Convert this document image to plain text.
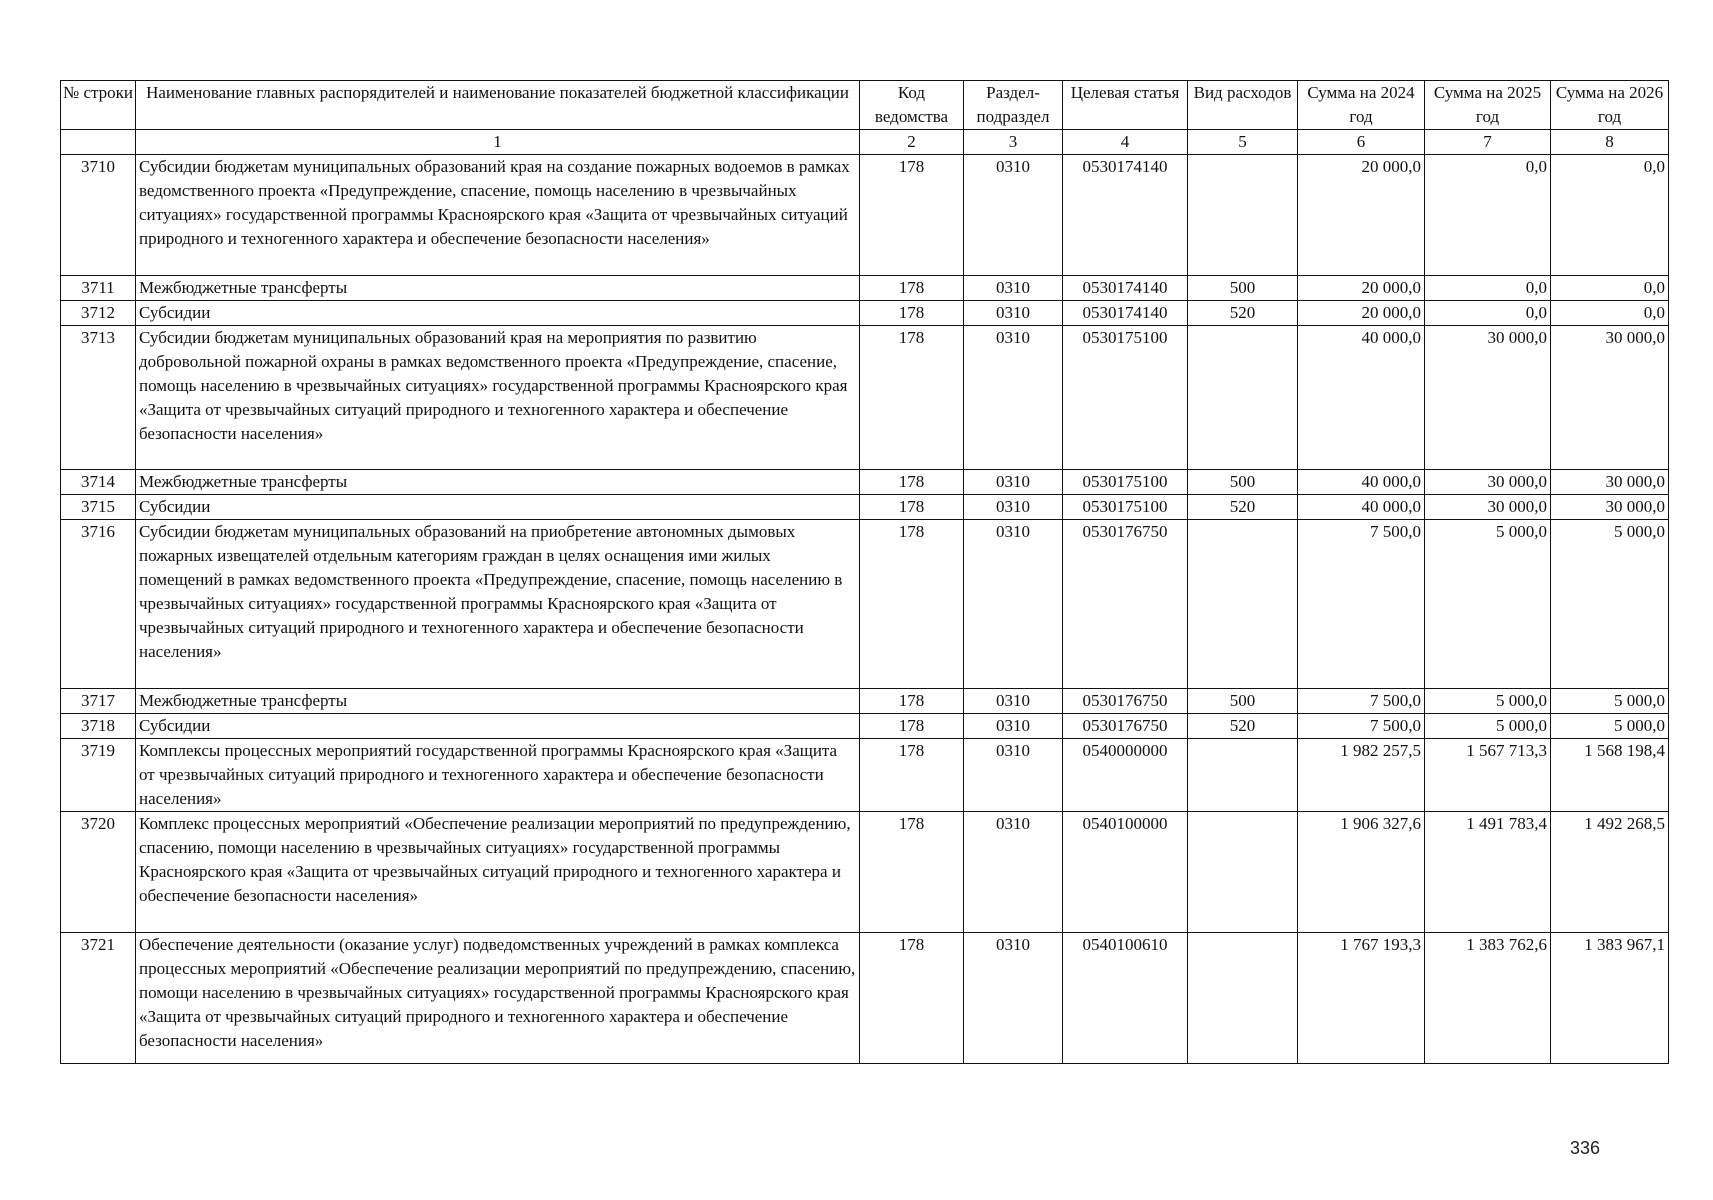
№ строки	Наименование главных распорядителей и наименование показателей бюджетной классификации	Код ведомства	Раздел-подраздел	Целевая статья	Вид расходов	Сумма на 2024 год	Сумма на 2025 год	Сумма на 2026 год
	1	2	3	4	5	6	7	8
3710	Субсидии бюджетам муниципальных образований края на создание пожарных водоемов в рамках ведомственного проекта «Предупреждение, спасение, помощь населению в чрезвычайных ситуациях» государственной программы Красноярского края «Защита от чрезвычайных ситуаций природного и техногенного характера и обеспечение безопасности населения»	178	0310	0530174140		20 000,0	0,0	0,0
3711	Межбюджетные трансферты	178	0310	0530174140	500	20 000,0	0,0	0,0
3712	Субсидии	178	0310	0530174140	520	20 000,0	0,0	0,0
3713	Субсидии бюджетам муниципальных образований края на мероприятия по развитию добровольной пожарной охраны в рамках ведомственного проекта «Предупреждение, спасение, помощь населению в чрезвычайных ситуациях» государственной программы Красноярского края «Защита от чрезвычайных ситуаций природного и техногенного характера и обеспечение безопасности населения»	178	0310	0530175100		40 000,0	30 000,0	30 000,0
3714	Межбюджетные трансферты	178	0310	0530175100	500	40 000,0	30 000,0	30 000,0
3715	Субсидии	178	0310	0530175100	520	40 000,0	30 000,0	30 000,0
3716	Субсидии бюджетам муниципальных образований на приобретение автономных дымовых пожарных извещателей отдельным категориям граждан в целях оснащения ими жилых помещений в рамках ведомственного проекта «Предупреждение, спасение, помощь населению в чрезвычайных ситуациях» государственной программы Красноярского края «Защита от чрезвычайных ситуаций природного и техногенного характера и обеспечение безопасности населения»	178	0310	0530176750		7 500,0	5 000,0	5 000,0
3717	Межбюджетные трансферты	178	0310	0530176750	500	7 500,0	5 000,0	5 000,0
3718	Субсидии	178	0310	0530176750	520	7 500,0	5 000,0	5 000,0
3719	Комплексы процессных мероприятий государственной программы Красноярского края «Защита от чрезвычайных ситуаций природного и техногенного характера и обеспечение безопасности населения»	178	0310	0540000000		1 982 257,5	1 567 713,3	1 568 198,4
3720	Комплекс процессных мероприятий «Обеспечение реализации мероприятий по предупреждению, спасению, помощи населению в чрезвычайных ситуациях» государственной программы Красноярского края «Защита от чрезвычайных ситуаций природного и техногенного характера и обеспечение безопасности населения»	178	0310	0540100000		1 906 327,6	1 491 783,4	1 492 268,5
3721	Обеспечение деятельности (оказание услуг) подведомственных учреждений в рамках комплекса процессных мероприятий «Обеспечение реализации мероприятий по предупреждению, спасению, помощи населению в чрезвычайных ситуациях» государственной программы Красноярского края «Защита от чрезвычайных ситуаций природного и техногенного характера и обеспечение безопасности населения»	178	0310	0540100610		1 767 193,3	1 383 762,6	1 383 967,1
336
